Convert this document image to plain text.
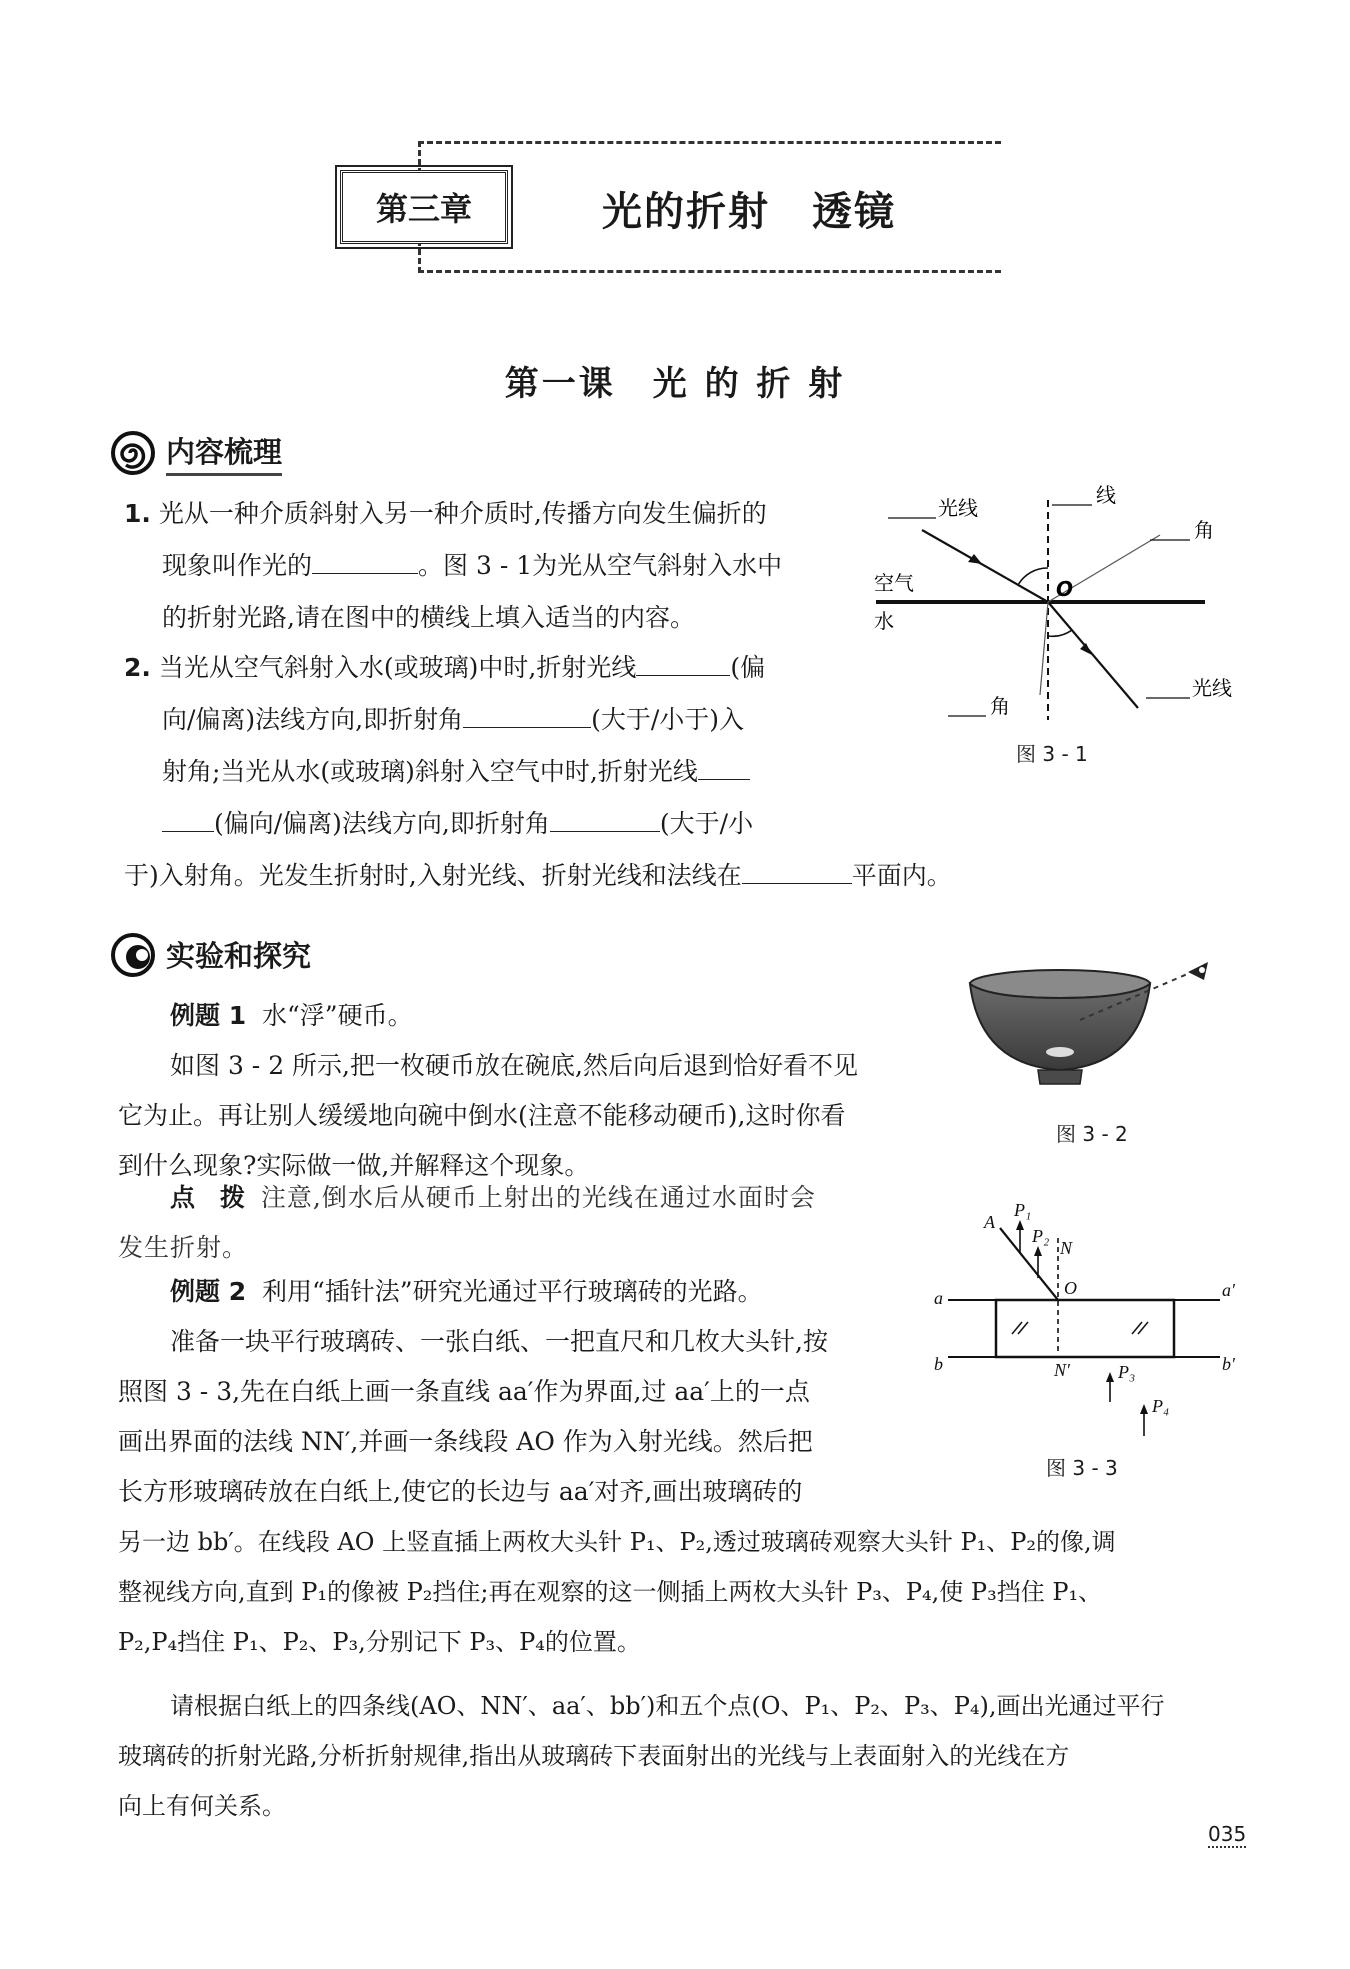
第三章	光的折射　透镜
第一课　光 的 折 射
内容梳理
1. 光从一种介质斜射入另一种介质时,传播方向发生偏折的
现象叫作光的	。图 3 - 1为光从空气斜射入水中
的折射光路,请在图中的横线上填入适当的内容。
2. 当光从空气斜射入水(或玻璃)中时,折射光线	(偏
向/偏离)法线方向,即折射角	(大于/小于)入
射角;当光从水(或玻璃)斜射入空气中时,折射光线
(偏向/偏离)法线方向,即折射角	(大于/小
于)入射角。光发生折射时,入射光线、折射光线和法线在	平面内。
光线
线
角
空气
水
O
角
光线
图 3 - 1
实验和探究
例题 1 水“浮”硬币。
如图 3 - 2 所示,把一枚硬币放在碗底,然后向后退到恰好看不见
它为止。再让别人缓缓地向碗中倒水(注意不能移动硬币),这时你看
到什么现象?实际做一做,并解释这个现象。
点　拨 注意,倒水后从硬币上射出的光线在通过水面时会
发生折射。
图 3 - 2
例题 2 利用“插针法”研究光通过平行玻璃砖的光路。
准备一块平行玻璃砖、一张白纸、一把直尺和几枚大头针,按
照图 3 - 3,先在白纸上画一条直线 aa′作为界面,过 aa′上的一点
画出界面的法线 NN′,并画一条线段 AO 作为入射光线。然后把
长方形玻璃砖放在白纸上,使它的长边与 aa′对齐,画出玻璃砖的
另一边 bb′。在线段 AO 上竖直插上两枚大头针 P₁、P₂,透过玻璃砖观察大头针 P₁、P₂的像,调
整视线方向,直到 P₁的像被 P₂挡住;再在观察的这一侧插上两枚大头针 P₃、P₄,使 P₃挡住 P₁、
P₂,P₄挡住 P₁、P₂、P₃,分别记下 P₃、P₄的位置。
请根据白纸上的四条线(AO、NN′、aa′、bb′)和五个点(O、P₁、P₂、P₃、P₄),画出光通过平行
玻璃砖的折射光路,分析折射规律,指出从玻璃砖下表面射出的光线与上表面射入的光线在方
向上有何关系。
A
P₁
P₂
N
O
a	a′
b	b′
N′	P₃
P₄
图 3 - 3
035
